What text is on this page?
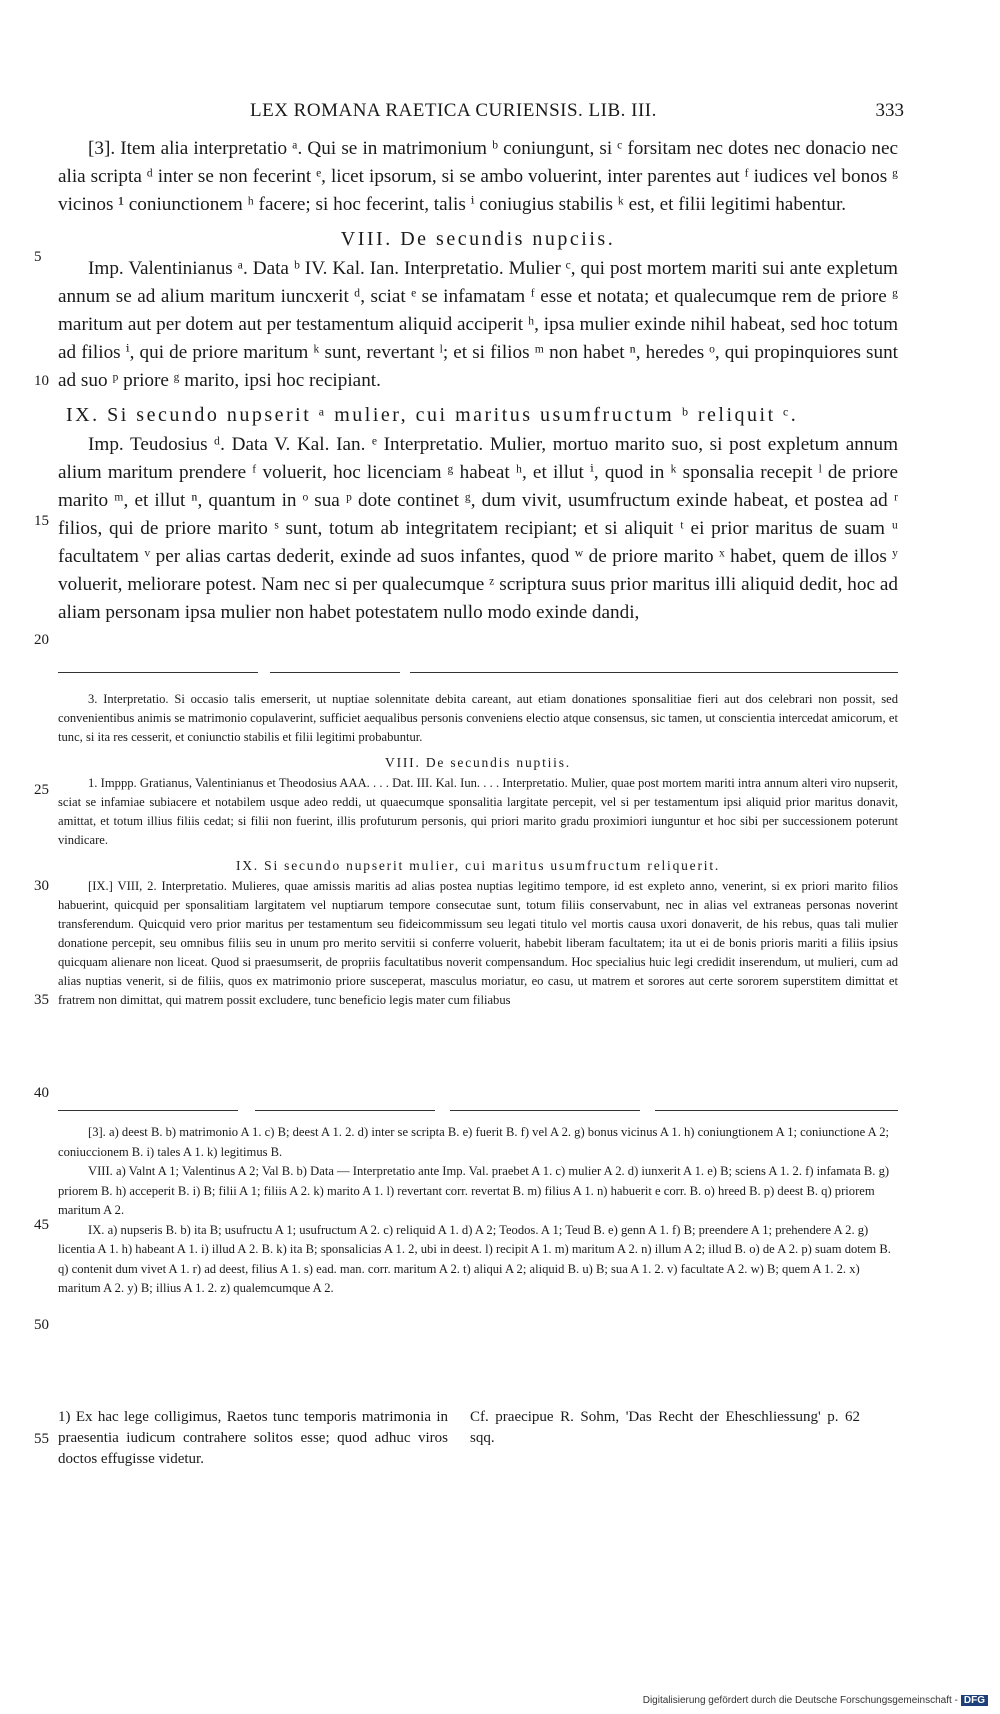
LEX ROMANA RAETICA CURIENSIS. LIB. III.	333
5
10
15
20
25
30
35
40
45
50
55

[3]. Item alia interpretatio ᵃ. Qui se in matrimonium ᵇ coniungunt, si ᶜ forsitam nec dotes nec donacio nec alia scripta ᵈ inter se non fecerint ᵉ, licet ipsorum, si se ambo voluerint, inter parentes aut ᶠ iudices vel bonos ᵍ vicinos ¹ coniunctionem ʰ facere; si hoc fecerint, talis ⁱ coniugius stabilis ᵏ est, et filii legitimi habentur.

VIII. De secundis nupciis.

Imp. Valentinianus ᵃ. Data ᵇ IV. Kal. Ian. Interpretatio. Mulier ᶜ, qui post mortem mariti sui ante expletum annum se ad alium maritum iuncxerit ᵈ, sciat ᵉ se infamatam ᶠ esse et notata; et qualecumque rem de priore ᵍ maritum aut per dotem aut per testamentum aliquid acciperit ʰ, ipsa mulier exinde nihil habeat, sed hoc totum ad filios ⁱ, qui de priore maritum ᵏ sunt, revertant ˡ; et si filios ᵐ non habet ⁿ, heredes ᵒ, qui propinquiores sunt ad suo ᵖ priore ᵍ marito, ipsi hoc recipiant.

IX. Si secundo nupserit ᵃ mulier, cui maritus usumfructum ᵇ reliquit ᶜ.

Imp. Teudosius ᵈ. Data V. Kal. Ian. ᵉ Interpretatio. Mulier, mortuo marito suo, si post expletum annum alium maritum prendere ᶠ voluerit, hoc licenciam ᵍ habeat ʰ, et illut ⁱ, quod in ᵏ sponsalia recepit ˡ de priore marito ᵐ, et illut ⁿ, quantum in ᵒ sua ᵖ dote continet ᵍ, dum vivit, usumfructum exinde habeat, et postea ad ʳ filios, qui de priore marito ˢ sunt, totum ab integritatem recipiant; et si aliquit ᵗ ei prior maritus de suam ᵘ facultatem ᵛ per alias cartas dederit, exinde ad suos infantes, quod ʷ de priore marito ˣ habet, quem de illos ʸ voluerit, meliorare potest. Nam nec si per qualecumque ᶻ scriptura suus prior maritus illi aliquid dedit, hoc ad aliam personam ipsa mulier non habet potestatem nullo modo exinde dandi,

3. Interpretatio. Si occasio talis emerserit, ut nuptiae solennitate debita careant, aut etiam donationes sponsalitiae fieri aut dos celebrari non possit, sed convenientibus animis se matrimonio copulaverint, sufficiet aequalibus personis conveniens electio atque consensus, sic tamen, ut conscientia intercedat amicorum, et tunc, si ita res cesserit, et coniunctio stabilis et filii legitimi probabuntur.

VIII. De secundis nuptiis.

1. Imppp. Gratianus, Valentinianus et Theodosius AAA. . . . Dat. III. Kal. Iun. . . . Interpretatio. Mulier, quae post mortem mariti intra annum alteri viro nupserit, sciat se infamiae subiacere et notabilem usque adeo reddi, ut quaecumque sponsalitia largitate percepit, vel si per testamentum ipsi aliquid prior maritus donavit, amittat, et totum illius filiis cedat; si filii non fuerint, illis profuturum personis, qui priori marito gradu proximiori iunguntur et hoc sibi per successionem poterunt vindicare.

IX. Si secundo nupserit mulier, cui maritus usumfructum reliquerit.

[IX.] VIII, 2. Interpretatio. Mulieres, quae amissis maritis ad alias postea nuptias legitimo tempore, id est expleto anno, venerint, si ex priori marito filios habuerint, quicquid per sponsalitiam largitatem vel nuptiarum tempore consecutae sunt, totum filiis conservabunt, nec in alias vel extraneas personas noverint transferendum. Quicquid vero prior maritus per testamentum seu fideicommissum seu legati titulo vel mortis causa uxori donaverit, de his rebus, quas tali mulier donatione percepit, seu omnibus filiis seu in unum pro merito servitii si conferre voluerit, habebit liberam facultatem; ita ut ei de bonis prioris mariti a filiis ipsius quicquam alienare non liceat. Quod si praesumserit, de propriis facultatibus noverit compensandum. Hoc specialius huic legi credidit inserendum, ut mulieri, cum ad alias nuptias venerit, si de filiis, quos ex matrimonio priore susceperat, masculus moriatur, eo casu, ut matrem et sorores aut certe sororem superstitem dimittat et fratrem non dimittat, qui matrem possit excludere, tunc beneficio legis mater cum filiabus

[3]. a) deest B. b) matrimonio A 1. c) B; deest A 1. 2. d) inter se scripta B. e) fuerit B. f) vel A 2. g) bonus vicinus A 1. h) coniungtionem A 1; coniunctione A 2; coniuccionem B. i) tales A 1. k) legitimus B.

VIII. a) Valnt A 1; Valentinus A 2; Val B. b) Data — Interpretatio ante Imp. Val. praebet A 1. c) mulier A 2. d) iunxerit A 1. e) B; sciens A 1. 2. f) infamata B. g) priorem B. h) acceperit B. i) B; filii A 1; filiis A 2. k) marito A 1. l) revertant corr. revertat B. m) filius A 1. n) habuerit e corr. B. o) hreed B. p) deest B. q) priorem maritum A 2.

IX. a) nupseris B. b) ita B; usufructu A 1; usufructum A 2. c) reliquid A 1. d) A 2; Teodos. A 1; Teud B. e) genn A 1. f) B; preendere A 1; prehendere A 2. g) licentia A 1. h) habeant A 1. i) illud A 2. B. k) ita B; sponsalicias A 1. 2, ubi in deest. l) recipit A 1. m) maritum A 2. n) illum A 2; illud B. o) de A 2. p) suam dotem B. q) contenit dum vivet A 1. r) ad deest, filius A 1. s) ead. man. corr. maritum A 2. t) aliqui A 2; aliquid B. u) B; sua A 1. 2. v) facultate A 2. w) B; quem A 1. 2. x) maritum A 2. y) B; illius A 1. 2. z) qualemcumque A 2.

1) Ex hac lege colligimus, Raetos tunc temporis matrimonia in praesentia iudicum contrahere solitos esse; quod adhuc viros doctos effugisse videtur.
Cf. praecipue R. Sohm, 'Das Recht der Eheschliessung' p. 62 sqq.
Digitalisierung gefördert durch die Deutsche Forschungsgemeinschaft - DFG
